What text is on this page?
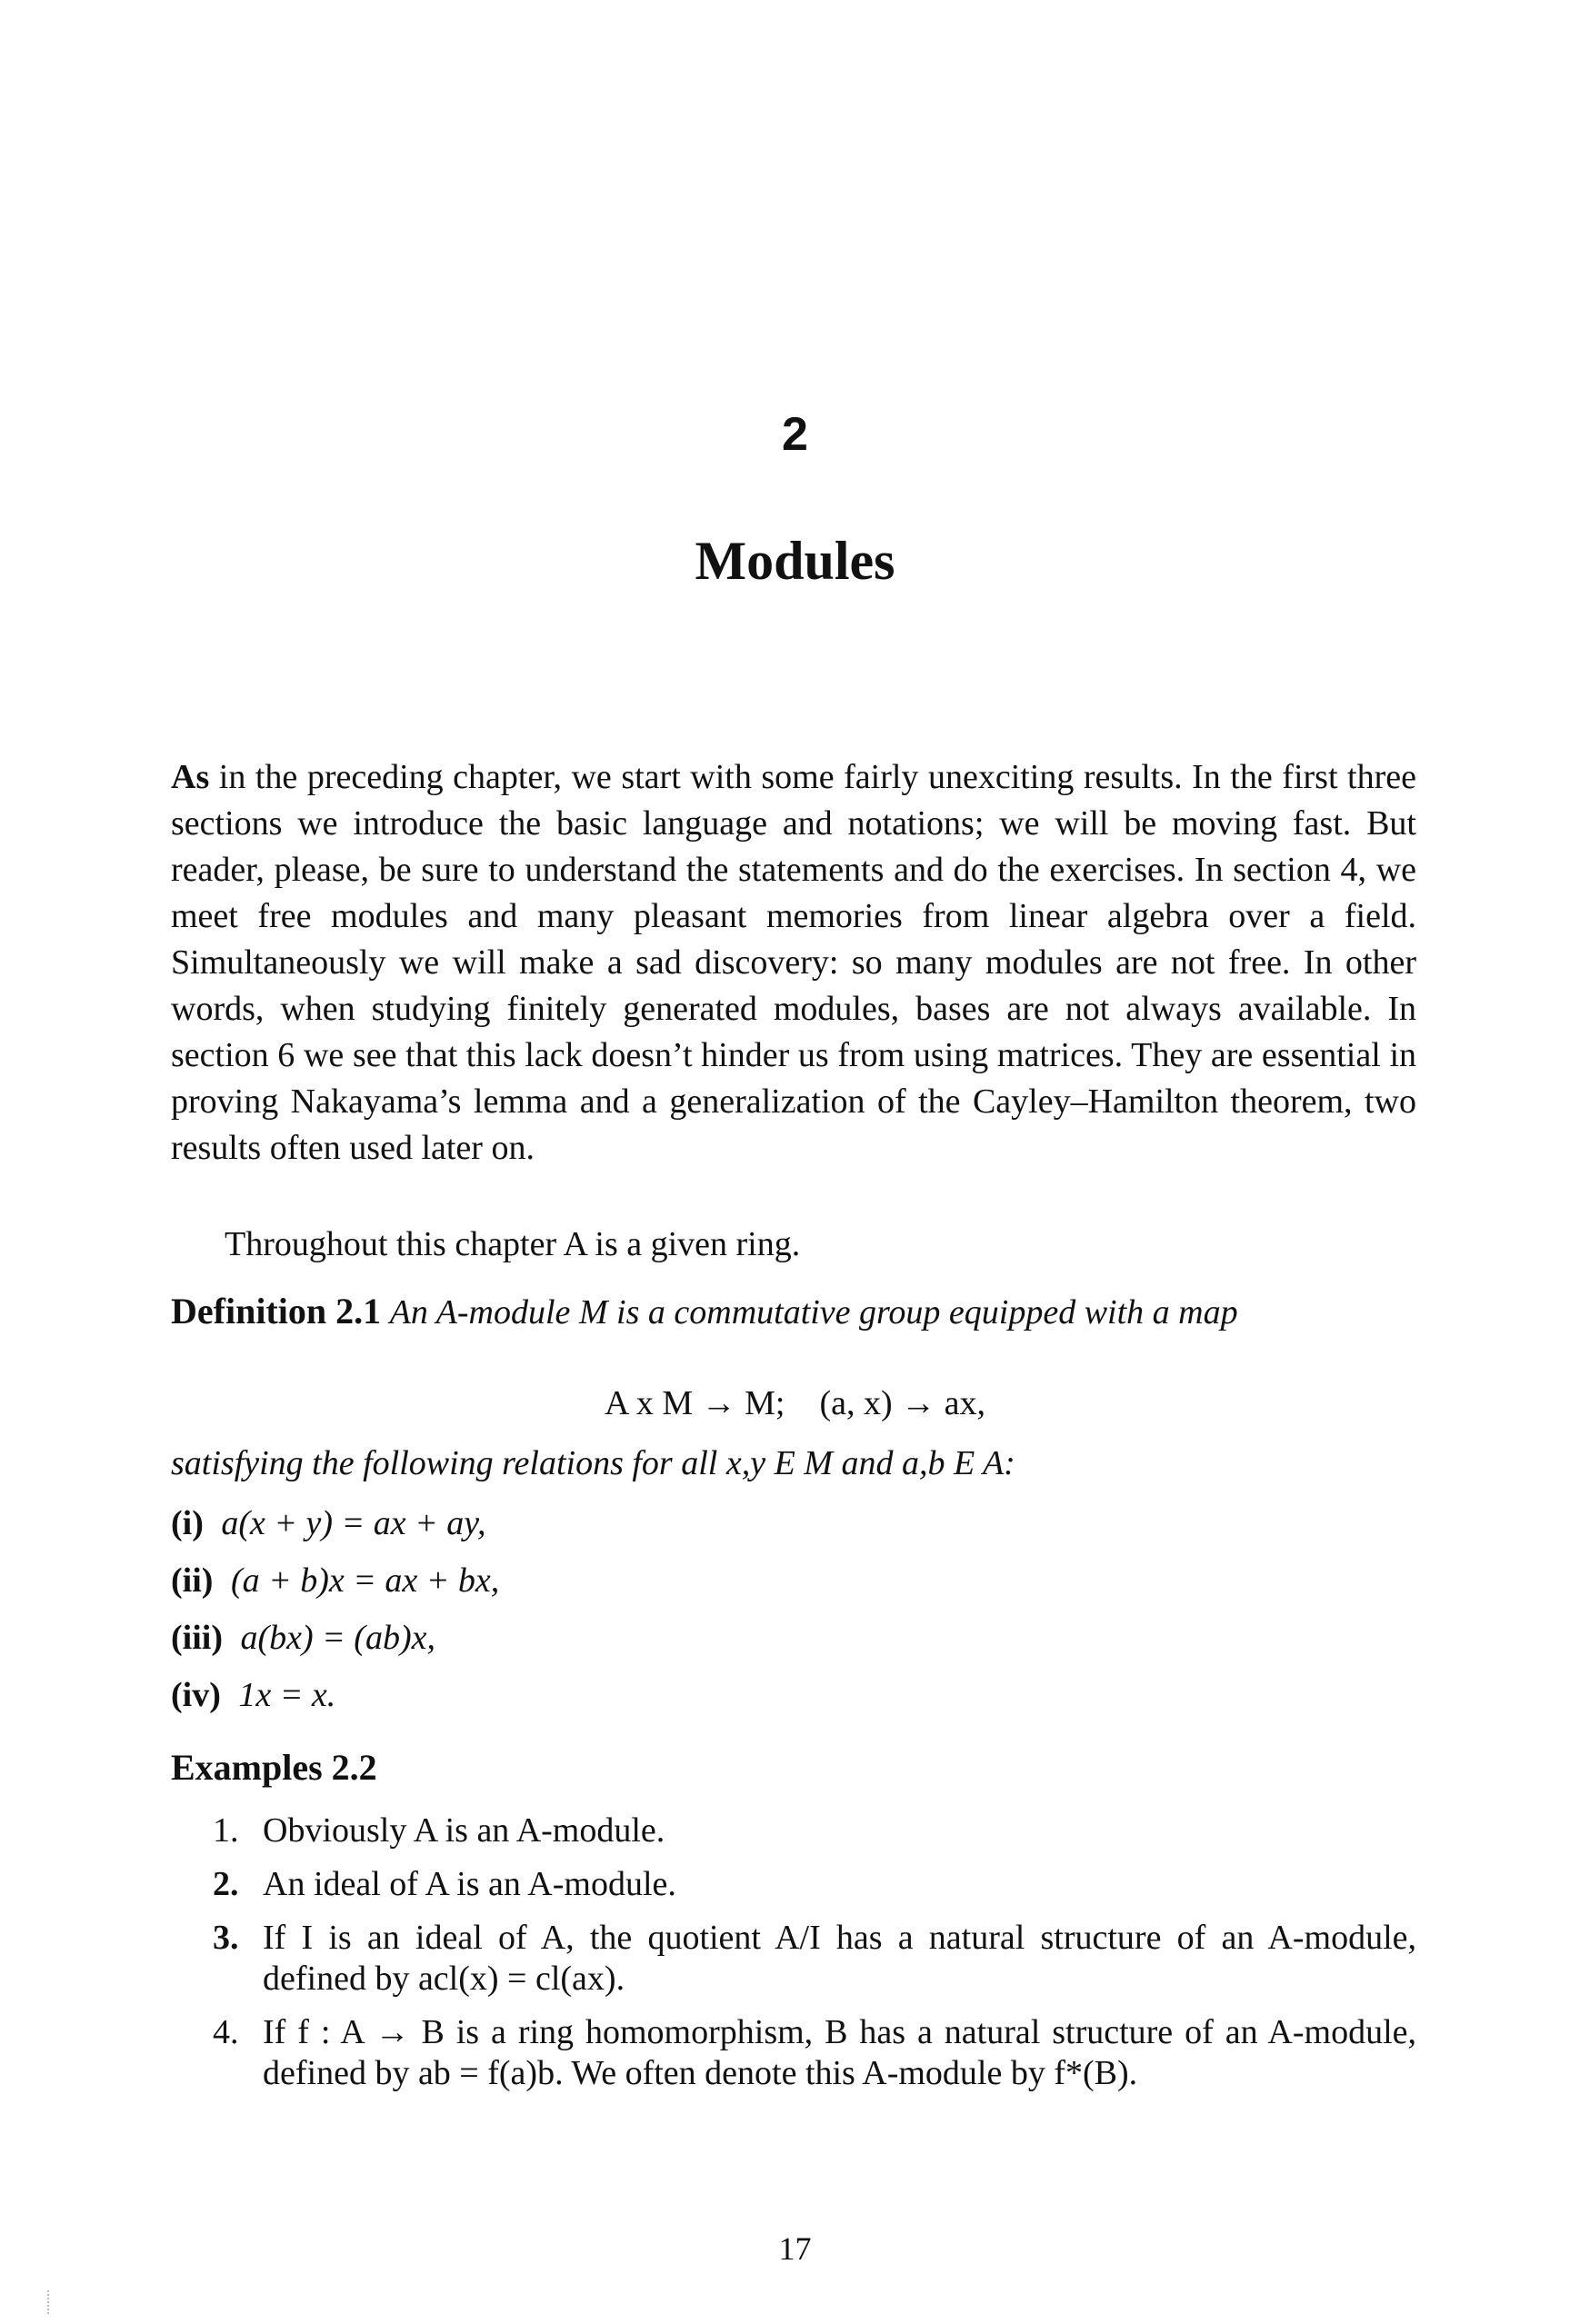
2
Modules

As in the preceding chapter, we start with some fairly unexciting results. In the first three sections we introduce the basic language and notations; we will be moving fast. But reader, please, be sure to understand the statements and do the exercises. In section 4, we meet free modules and many pleasant memories from linear algebra over a field. Simultaneously we will make a sad discovery: so many modules are not free. In other words, when studying finitely generated modules, bases are not always available. In section 6 we see that this lack doesn’t hinder us from using matrices. They are essential in proving Nakayama’s lemma and a generalization of the Cayley–Hamilton theorem, two results often used later on.

Throughout this chapter A is a given ring.
Definition 2.1 An A-module M is a commutative group equipped with a map
A x M → M;    (a, x) → ax,
satisfying the following relations for all x,y E M and a,b E A:
(i) a(x + y) = ax + ay,
(ii) (a + b)x = ax + bx,
(iii) a(bx) = (ab)x,
(iv) 1x = x.
Examples 2.2
1. Obviously A is an A-module.
2. An ideal of A is an A-module.
3. If I is an ideal of A, the quotient A/I has a natural structure of an A-module, defined by acl(x) = cl(ax).
4. If f : A → B is a ring homomorphism, B has a natural structure of an A-module, defined by ab = f(a)b. We often denote this A-module by f*(B).
17
